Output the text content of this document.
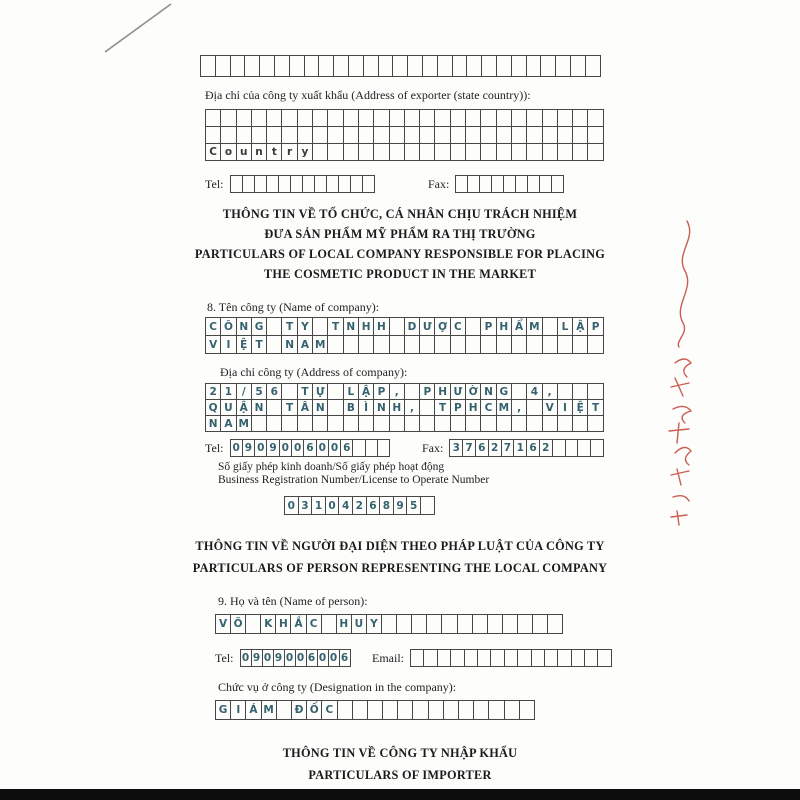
Địa chỉ của công ty xuất khẩu (Address of exporter (state country)):
C o u n t r y
Tel:	Fax:
THÔNG TIN VỀ TỔ CHỨC, CÁ NHÂN CHỊU TRÁCH NHIỆM
ĐƯA SẢN PHẨM MỸ PHẨM RA THỊ TRƯỜNG
PARTICULARS OF LOCAL COMPANY RESPONSIBLE FOR PLACING
THE COSMETIC PRODUCT IN THE MARKET
8. Tên công ty (Name of company):
C Ô N G	T Y	T N H H	D Ư Ợ C	P H Ẩ M	L Ậ P
V I Ệ T	N A M
Địa chỉ công ty (Address of company):
2 1 / 5 6	T Ự	L Ậ P ,	P H Ư Ờ N G	4 ,
Q U Ậ N	T Â N	B Ì N H ,	T P H C M ,	V I Ệ T
N A M
Tel: 0 9 0 9 0 0 6 0 0 6	Fax: 3 7 6 2 7 1 6 2
Số giấy phép kinh doanh/Số giấy phép hoạt động
Business Registration Number/License to Operate Number
0 3 1 0 4 2 6 8 9 5
THÔNG TIN VỀ NGƯỜI ĐẠI DIỆN THEO PHÁP LUẬT CỦA CÔNG TY
PARTICULARS OF PERSON REPRESENTING THE LOCAL COMPANY
9. Họ và tên (Name of person):
V Õ	K H Ắ C	H U Y
Tel: 0 9 0 9 0 0 6 0 0 6 Email:
Chức vụ ở công ty (Designation in the company):
G I Á M	Đ Ố C
THÔNG TIN VỀ CÔNG TY NHẬP KHẨU
PARTICULARS OF IMPORTER
